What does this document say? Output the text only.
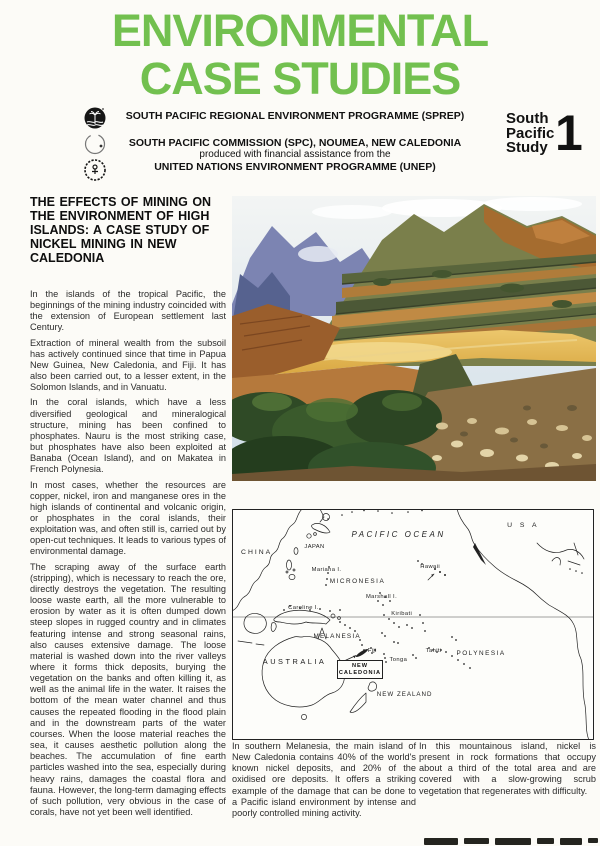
ENVIRONMENTAL
CASE STUDIES
SOUTH PACIFIC REGIONAL ENVIRONMENT PROGRAMME (SPREP)
SOUTH PACIFIC COMMISSION (SPC), NOUMEA, NEW CALEDONIA
produced with financial assistance from the
UNITED NATIONS ENVIRONMENT PROGRAMME (UNEP)
South
Pacific
Study 1
THE EFFECTS OF MINING ON THE ENVIRONMENT OF HIGH ISLANDS: A CASE STUDY OF NICKEL MINING IN NEW CALEDONIA

In the islands of the tropical Pacific, the beginnings of the mining industry coincided with the extension of European settlement last Century.

Extraction of mineral wealth from the subsoil has actively continued since that time in Papua New Guinea, New Caledonia, and Fiji. It has also been carried out, to a lesser extent, in the Solomon Islands, and in Vanuatu.

In the coral islands, which have a less diversified geological and mineralogical structure, mining has been confined to phosphates. Nauru is the most striking case, but phosphates have also been exploited at Banaba (Ocean Island), and on Makatea in French Polynesia.

In most cases, whether the resources are copper, nickel, iron and manganese ores in the high islands of continental and volcanic origin, or phosphates in the coral islands, their exploitation was, and often still is, carried out by open-cut techniques. It leads to various types of environmental damage.

The scraping away of the surface earth (stripping), which is necessary to reach the ore, directly destroys the vegetation. The resulting loose waste earth, all the more vulnerable to erosion by water as it is often dumped down steep slopes in rugged country and in climates featuring intense and strong seasonal rains, also causes extensive damage. The loose material is washed down into the river valleys where it forms thick deposits, burying the vegetation on the banks and often killing it, as well as the animal life in the water. It raises the bottom of the mean water channel and thus causes the repeated flooding in the flood plain and in the downstream parts of the water courses. When the loose material reaches the sea, it causes aesthetic pollution along the beaches. The accumulation of fine earth particles washed into the sea, especially during heavy rains, damages the coastal flora and fauna. However, the long-term damaging effects of such pollution, very obvious in the case of corals, have not yet been well identified.

PACIFIC OCEAN
CHINA
JAPAN
U S A
Hawaii
Mariana I.
MICRONESIA
Marshall I.
Caroline I.
Kiribati
MELANESIA
AUSTRALIA
Fiji
Tonga
Tahiti POLYNESIA
NEW ZEALAND
NEW
CALEDONIA

In southern Melanesia, the main island of New Caledonia contains 40% of the world's known nickel deposits, and 20% of the oxidised ore deposits. It offers a striking example of the damage that can be done to a Pacific island environment by intense and poorly controlled mining activity.

In this mountainous island, nickel is present in rock formations that occupy about a third of the total area and are covered with a slow-growing scrub vegetation that regenerates with difficulty.
